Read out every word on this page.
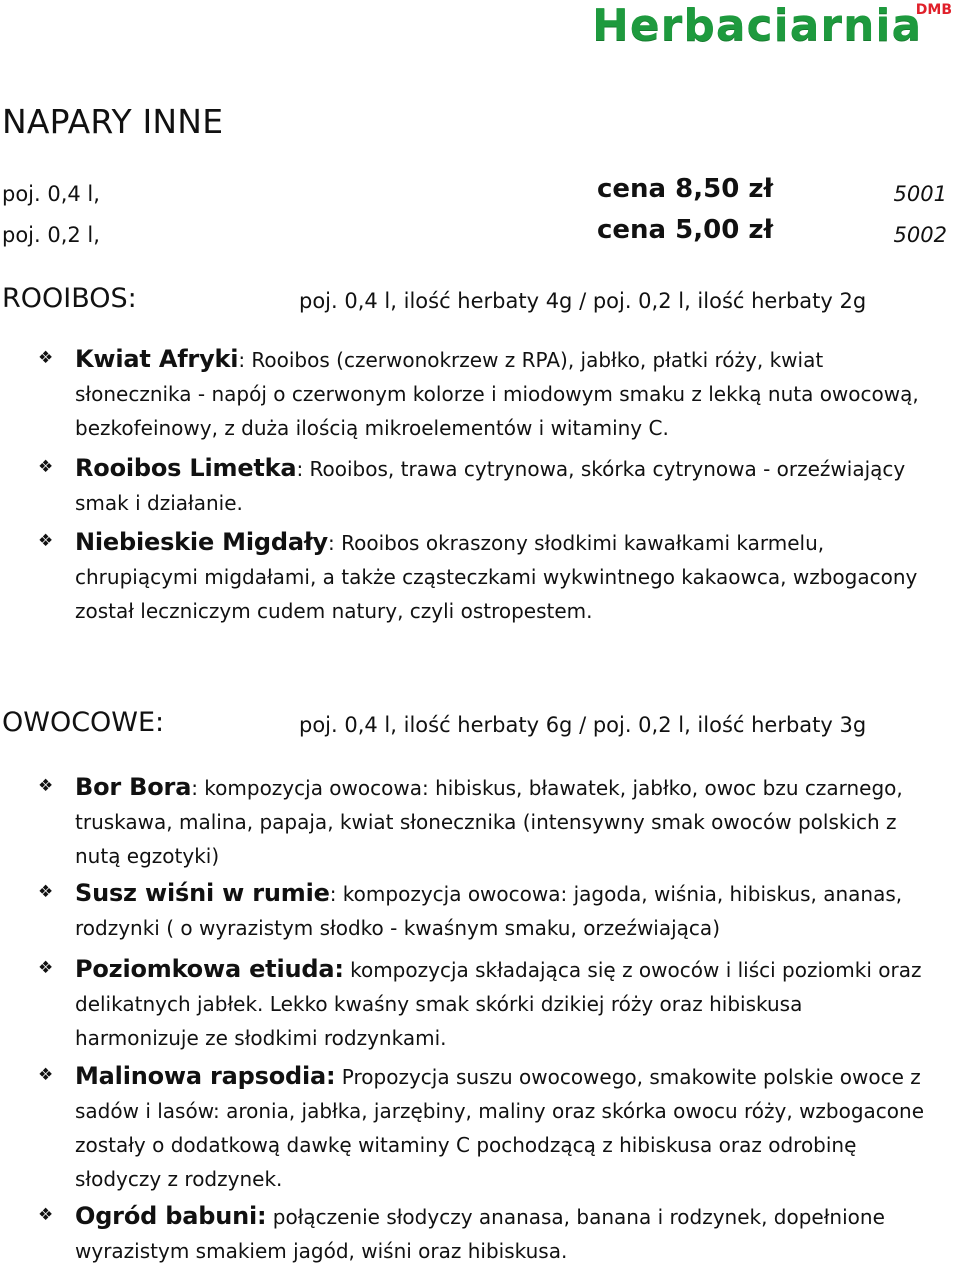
Herbaciarnia
DMB
NAPARY INNE
poj. 0,4 l,	cena 8,50 zł	5001
poj. 0,2 l,	cena 5,00 zł	5002
ROOIBOS:	poj. 0,4 l, ilość herbaty 4g / poj. 0,2 l, ilość herbaty 2g
❖ Kwiat Afryki: Rooibos (czerwonokrzew z RPA), jabłko, płatki róży, kwiat słonecznika - napój o czerwonym kolorze i miodowym smaku z lekką nuta owocową, bezkofeinowy, z duża ilością mikroelementów i witaminy C.
❖ Rooibos Limetka: Rooibos, trawa cytrynowa, skórka cytrynowa - orzeźwiający smak i działanie.
❖ Niebieskie Migdały: Rooibos okraszony słodkimi kawałkami karmelu, chrupiącymi migdałami, a także cząsteczkami wykwintnego kakaowca, wzbogacony został leczniczym cudem natury, czyli ostropestem.
OWOCOWE:	poj. 0,4 l, ilość herbaty 6g / poj. 0,2 l, ilość herbaty 3g
❖ Bor Bora: kompozycja owocowa: hibiskus, bławatek, jabłko, owoc bzu czarnego, truskawa, malina, papaja, kwiat słonecznika (intensywny smak owoców polskich z nutą egzotyki)
❖ Susz wiśni w rumie: kompozycja owocowa: jagoda, wiśnia, hibiskus, ananas, rodzynki ( o wyrazistym słodko - kwaśnym smaku, orzeźwiająca)
❖ Poziomkowa etiuda: kompozycja składająca się z owoców i liści poziomki oraz delikatnych jabłek. Lekko kwaśny smak skórki dzikiej róży oraz hibiskusa harmonizuje ze słodkimi rodzynkami.
❖ Malinowa rapsodia: Propozycja suszu owocowego, smakowite polskie owoce z sadów i lasów: aronia, jabłka, jarzębiny, maliny oraz skórka owocu róży, wzbogacone zostały o dodatkową dawkę witaminy C pochodzącą z hibiskusa oraz odrobinę słodyczy z rodzynek.
❖ Ogród babuni: połączenie słodyczy ananasa, banana i rodzynek, dopełnione wyrazistym smakiem jagód, wiśni oraz hibiskusa.
